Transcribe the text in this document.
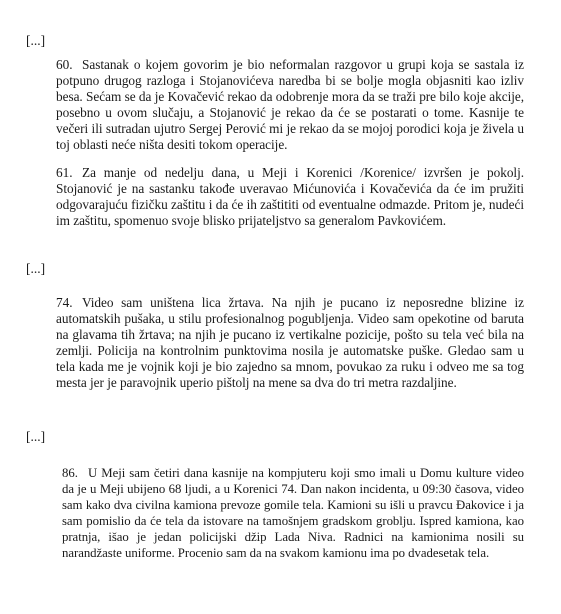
[...]
60. Sastanak o kojem govorim je bio neformalan razgovor u grupi koja se sastala iz potpuno drugog razloga i Stojanovićeva naredba bi se bolje mogla objasniti kao izliv besa. Sećam se da je Kovačević rekao da odobrenje mora da se traži pre bilo koje akcije, posebno u ovom slučaju, a Stojanović je rekao da će se postarati o tome. Kasnije te večeri ili sutradan ujutro Sergej Perović mi je rekao da se mojoj porodici koja je živela u toj oblasti neće ništa desiti tokom operacije.
61. Za manje od nedelju dana, u Meji i Korenici /Korenice/ izvršen je pokolj. Stojanović je na sastanku takođe uveravao Mićunovića i Kovačevića da će im pružiti odgovarajuću fizičku zaštitu i da će ih zaštititi od eventualne odmazde. Pritom je, nudeći im zaštitu, spomenuo svoje blisko prijateljstvo sa generalom Pavkovićem.
[...]
74. Video sam uništena lica žrtava. Na njih je pucano iz neposredne blizine iz automatskih pušaka, u stilu profesionalnog pogubljenja. Video sam opekotine od baruta na glavama tih žrtava; na njih je pucano iz vertikalne pozicije, pošto su tela već bila na zemlji. Policija na kontrolnim punktovima nosila je automatske puške. Gledao sam u tela kada me je vojnik koji je bio zajedno sa mnom, povukao za ruku i odveo me sa tog mesta jer je paravojnik uperio pištolj na mene sa dva do tri metra razdaljine.
[...]
86. U Meji sam četiri dana kasnije na kompjuteru koji smo imali u Domu kulture video da je u Meji ubijeno 68 ljudi, a u Korenici 74. Dan nakon incidenta, u 09:30 časova, video sam kako dva civilna kamiona prevoze gomile tela. Kamioni su išli u pravcu Đakovice i ja sam pomislio da će tela da istovare na tamošnjem gradskom groblju. Ispred kamiona, kao pratnja, išao je jedan policijski džip Lada Niva. Radnici na kamionima nosili su narandžaste uniforme. Procenio sam da na svakom kamionu ima po dvadesetak tela.
